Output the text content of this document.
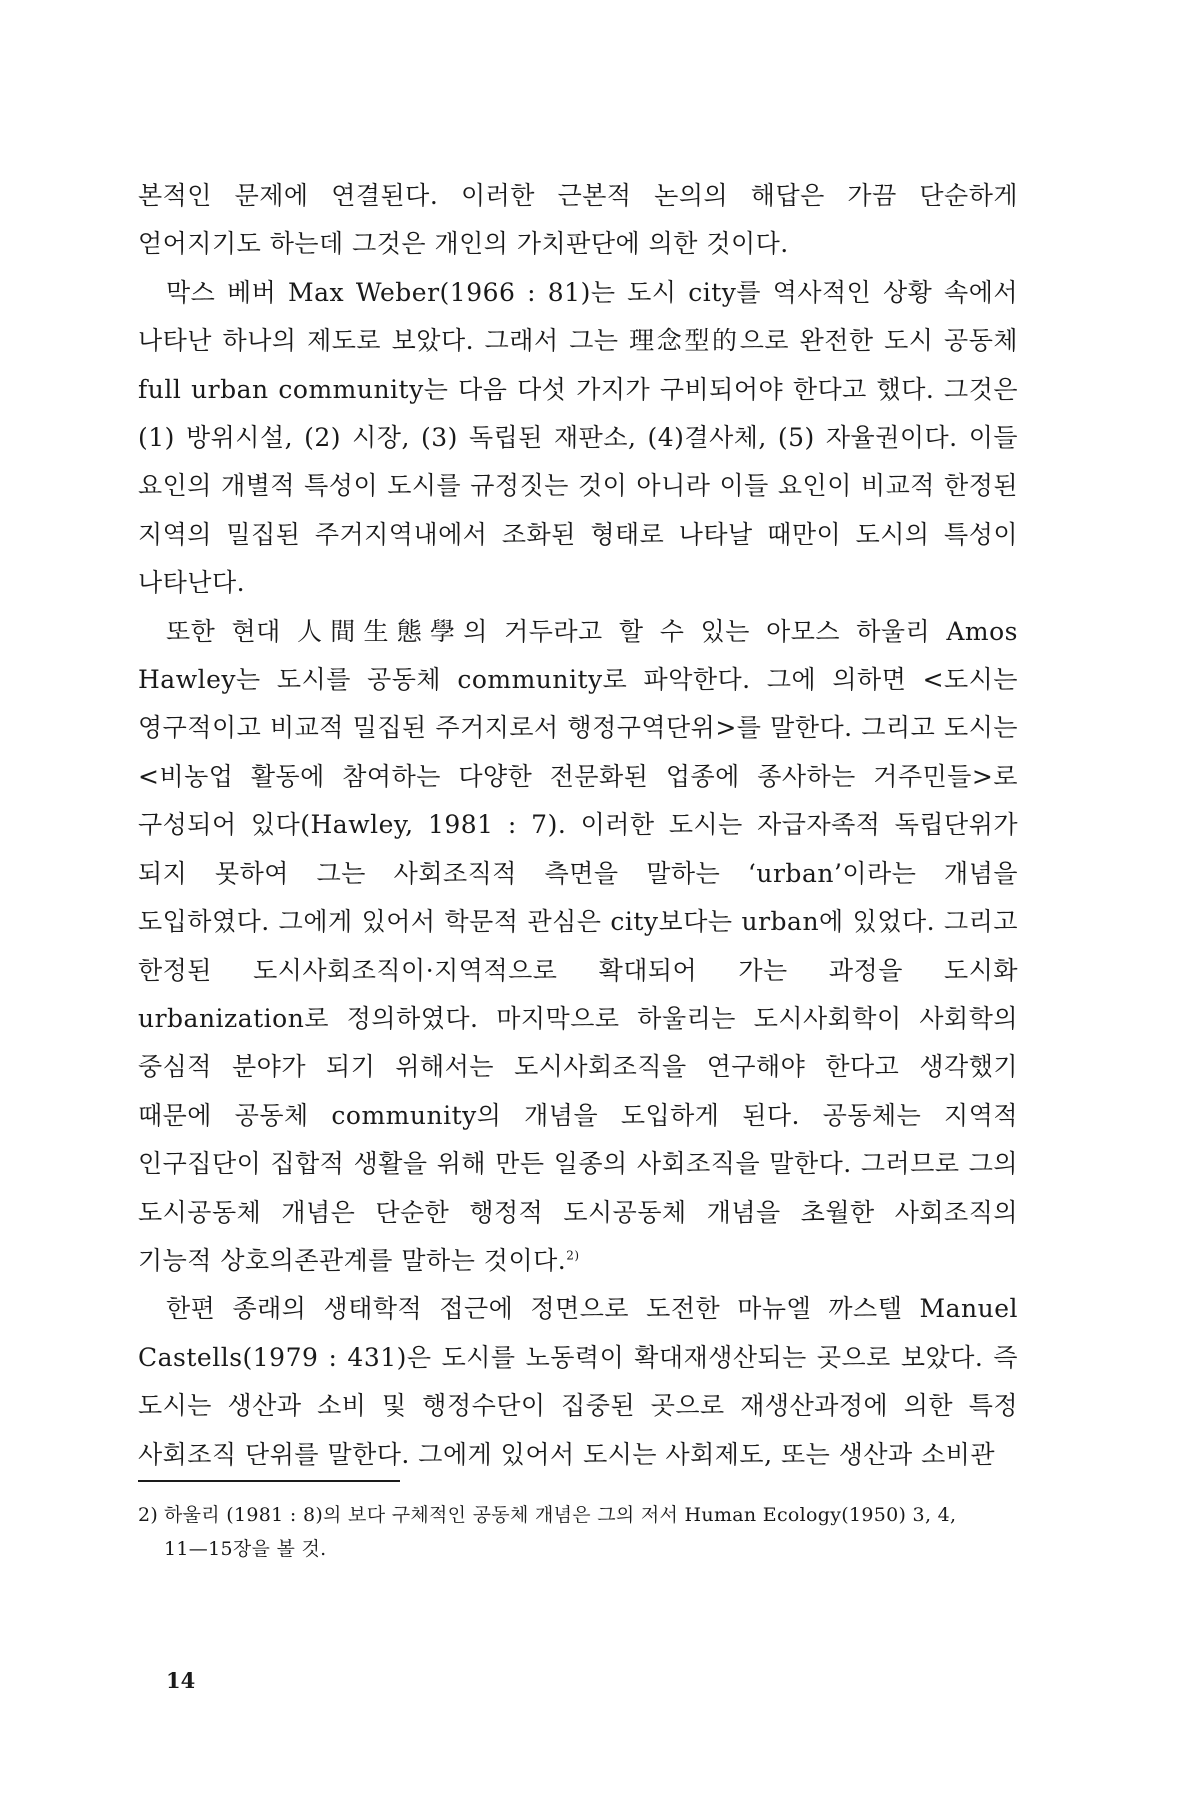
본적인 문제에 연결된다. 이러한 근본적 논의의 해답은 가끔 단순하게 얻어지기도 하는데 그것은 개인의 가치판단에 의한 것이다.

막스 베버 Max Weber(1966 : 81)는 도시 city를 역사적인 상황 속에서 나타난 하나의 제도로 보았다. 그래서 그는 理念型的으로 완전한 도시 공동체 full urban community는 다음 다섯 가지가 구비되어야 한다고 했다. 그것은 (1) 방위시설, (2) 시장, (3) 독립된 재판소, (4)결사체, (5) 자율권이다. 이들 요인의 개별적 특성이 도시를 규정짓는 것이 아니라 이들 요인이 비교적 한정된 지역의 밀집된 주거지역내에서 조화된 형태로 나타날 때만이 도시의 특성이 나타난다.

또한 현대 人間生態學의 거두라고 할 수 있는 아모스 하울리 Amos Hawley는 도시를 공동체 community로 파악한다. 그에 의하면 <도시는 영구적이고 비교적 밀집된 주거지로서 행정구역단위>를 말한다. 그리고 도시는 <비농업 활동에 참여하는 다양한 전문화된 업종에 종사하는 거주민들>로 구성되어 있다(Hawley, 1981 : 7). 이러한 도시는 자급자족적 독립단위가 되지 못하여 그는 사회조직적 측면을 말하는 ‘urban’이라는 개념을 도입하였다. 그에게 있어서 학문적 관심은 city보다는 urban에 있었다. 그리고 한정된 도시사회조직이·지역적으로 확대되어 가는 과정을 도시화 urbanization로 정의하였다. 마지막으로 하울리는 도시사회학이 사회학의 중심적 분야가 되기 위해서는 도시사회조직을 연구해야 한다고 생각했기 때문에 공동체 community의 개념을 도입하게 된다. 공동체는 지역적 인구집단이 집합적 생활을 위해 만든 일종의 사회조직을 말한다. 그러므로 그의 도시공동체 개념은 단순한 행정적 도시공동체 개념을 초월한 사회조직의 기능적 상호의존관계를 말하는 것이다.$^{2)}$

한편 종래의 생태학적 접근에 정면으로 도전한 마뉴엘 까스텔 Manuel Castells(1979 : 431)은 도시를 노동력이 확대재생산되는 곳으로 보았다. 즉 도시는 생산과 소비 및 행정수단이 집중된 곳으로 재생산과정에 의한 특정 사회조직 단위를 말한다. 그에게 있어서 도시는 사회제도, 또는 생산과 소비관

2) 하울리 (1981 : 8)의 보다 구체적인 공동체 개념은 그의 저서 Human Ecology(1950) 3, 4,
11—15장을 볼 것.
14
